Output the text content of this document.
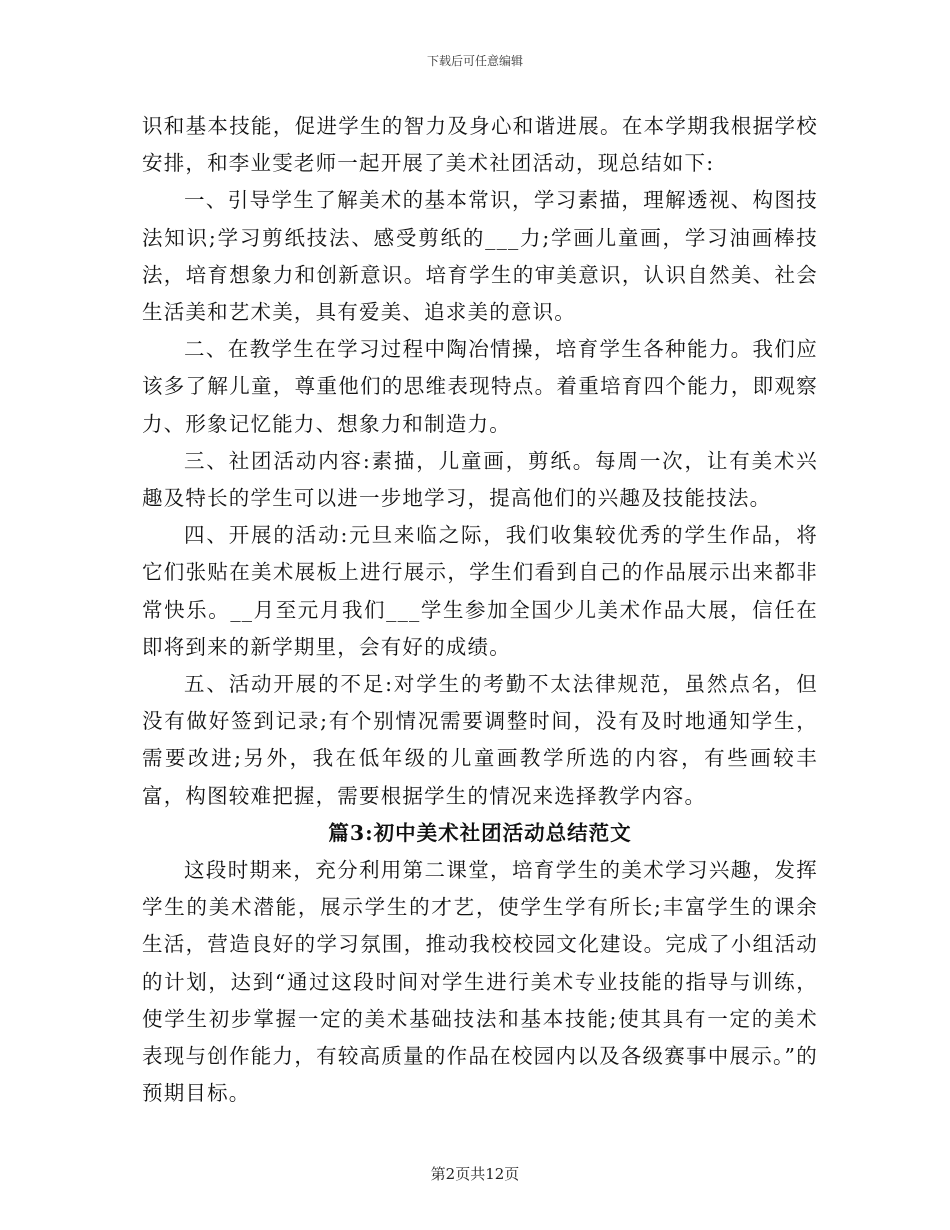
下载后可任意编辑

识和基本技能，促进学生的智力及身心和谐进展。在本学期我根据学校安排，和李业雯老师一起开展了美术社团活动，现总结如下:

一、引导学生了解美术的基本常识，学习素描，理解透视、构图技法知识;学习剪纸技法、感受剪纸的___力;学画儿童画，学习油画棒技法，培育想象力和创新意识。培育学生的审美意识，认识自然美、社会生活美和艺术美，具有爱美、追求美的意识。

二、在教学生在学习过程中陶冶情操，培育学生各种能力。我们应该多了解儿童，尊重他们的思维表现特点。着重培育四个能力，即观察力、形象记忆能力、想象力和制造力。

三、社团活动内容:素描，儿童画，剪纸。每周一次，让有美术兴趣及特长的学生可以进一步地学习，提高他们的兴趣及技能技法。

四、开展的活动:元旦来临之际，我们收集较优秀的学生作品，将它们张贴在美术展板上进行展示，学生们看到自己的作品展示出来都非常快乐。__月至元月我们___学生参加全国少儿美术作品大展，信任在即将到来的新学期里，会有好的成绩。

五、活动开展的不足:对学生的考勤不太法律规范，虽然点名，但没有做好签到记录;有个别情况需要调整时间，没有及时地通知学生，需要改进;另外，我在低年级的儿童画教学所选的内容，有些画较丰富，构图较难把握，需要根据学生的情况来选择教学内容。

篇3:初中美术社团活动总结范文

这段时期来，充分利用第二课堂，培育学生的美术学习兴趣，发挥学生的美术潜能，展示学生的才艺，使学生学有所长;丰富学生的课余生活，营造良好的学习氛围，推动我校校园文化建设。完成了小组活动的计划，达到“通过这段时间对学生进行美术专业技能的指导与训练，使学生初步掌握一定的美术基础技法和基本技能;使其具有一定的美术表现与创作能力，有较高质量的作品在校园内以及各级赛事中展示。”的预期目标。

第2页共12页
